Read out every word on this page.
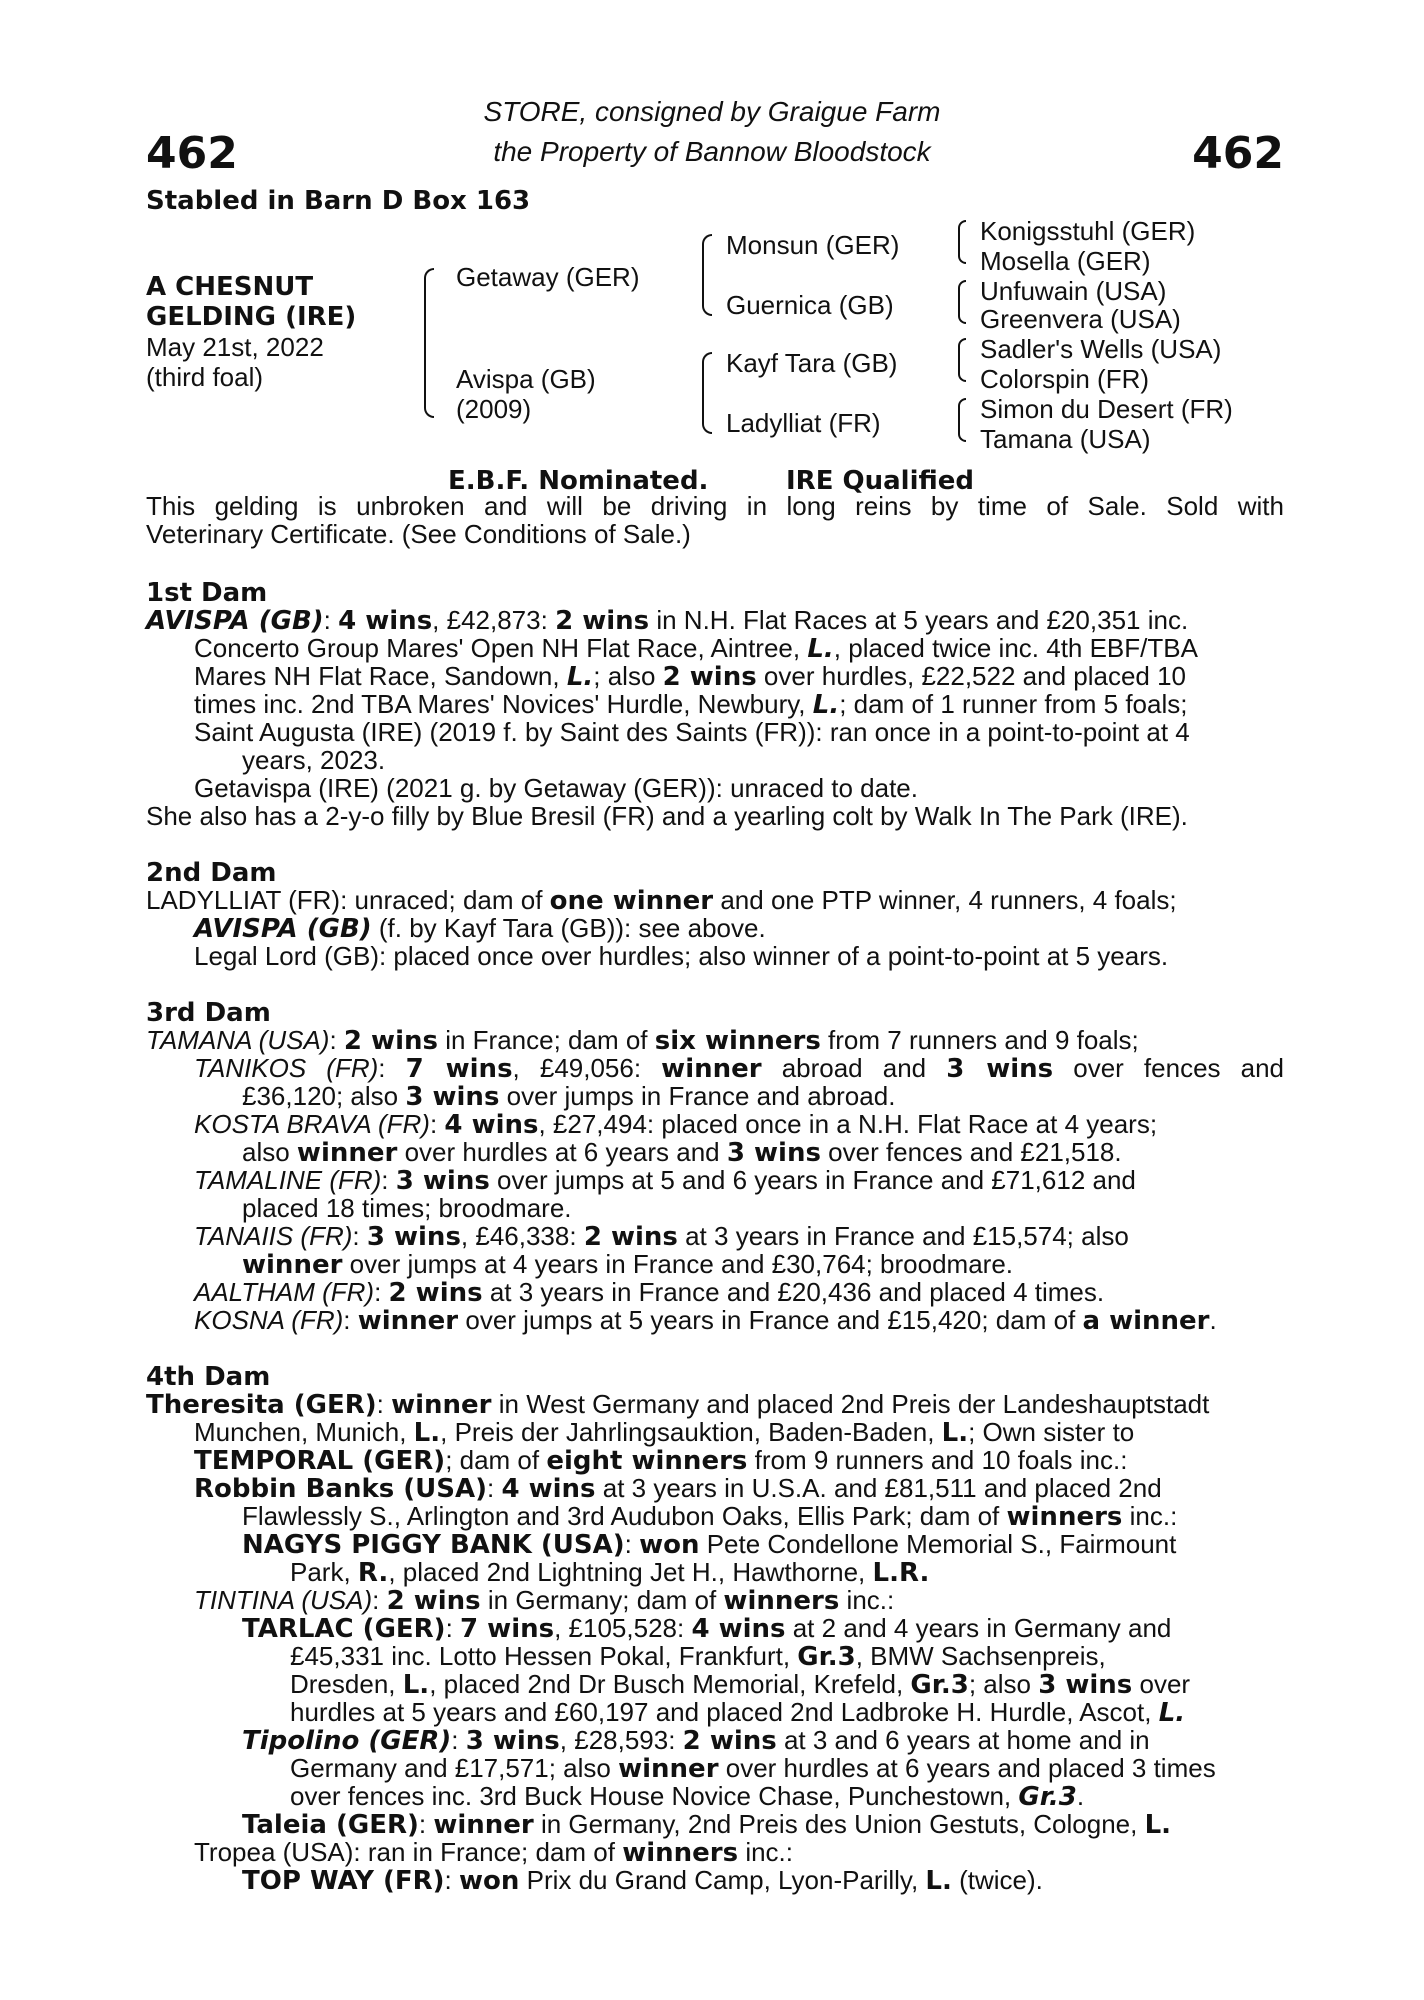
462	462
STORE, consigned by Graigue Farm
the Property of Bannow Bloodstock
Stabled in Barn D Box 163
A CHESNUT
GELDING (IRE)
May 21st, 2022
(third foal)
Getaway (GER)
Avispa (GB)
(2009)
Monsun (GER)
Guernica (GB)
Kayf Tara (GB)
Ladylliat (FR)
Konigsstuhl (GER)
Mosella (GER)
Unfuwain (USA)
Greenvera (USA)
Sadler's Wells (USA)
Colorspin (FR)
Simon du Desert (FR)
Tamana (USA)
E.B.F. Nominated.	IRE Qualified
This gelding is unbroken and will be driving in long reins by time of Sale. Sold with
Veterinary Certificate. (See Conditions of Sale.)
1st Dam
AVISPA (GB): 4 wins, £42,873: 2 wins in N.H. Flat Races at 5 years and £20,351 inc.
Concerto Group Mares' Open NH Flat Race, Aintree, L., placed twice inc. 4th EBF/TBA
Mares NH Flat Race, Sandown, L.; also 2 wins over hurdles, £22,522 and placed 10
times inc. 2nd TBA Mares' Novices' Hurdle, Newbury, L.; dam of 1 runner from 5 foals;
Saint Augusta (IRE) (2019 f. by Saint des Saints (FR)): ran once in a point-to-point at 4
years, 2023.
Getavispa (IRE) (2021 g. by Getaway (GER)): unraced to date.
She also has a 2-y-o filly by Blue Bresil (FR) and a yearling colt by Walk In The Park (IRE).
2nd Dam
LADYLLIAT (FR): unraced; dam of one winner and one PTP winner, 4 runners, 4 foals;
AVISPA (GB) (f. by Kayf Tara (GB)): see above.
Legal Lord (GB): placed once over hurdles; also winner of a point-to-point at 5 years.
3rd Dam
TAMANA (USA): 2 wins in France; dam of six winners from 7 runners and 9 foals;
TANIKOS (FR): 7 wins, £49,056: winner abroad and 3 wins over fences and
£36,120; also 3 wins over jumps in France and abroad.
KOSTA BRAVA (FR): 4 wins, £27,494: placed once in a N.H. Flat Race at 4 years;
also winner over hurdles at 6 years and 3 wins over fences and £21,518.
TAMALINE (FR): 3 wins over jumps at 5 and 6 years in France and £71,612 and
placed 18 times; broodmare.
TANAIIS (FR): 3 wins, £46,338: 2 wins at 3 years in France and £15,574; also
winner over jumps at 4 years in France and £30,764; broodmare.
AALTHAM (FR): 2 wins at 3 years in France and £20,436 and placed 4 times.
KOSNA (FR): winner over jumps at 5 years in France and £15,420; dam of a winner.
4th Dam
Theresita (GER): winner in West Germany and placed 2nd Preis der Landeshauptstadt
Munchen, Munich, L., Preis der Jahrlingsauktion, Baden-Baden, L.; Own sister to
TEMPORAL (GER); dam of eight winners from 9 runners and 10 foals inc.:
Robbin Banks (USA): 4 wins at 3 years in U.S.A. and £81,511 and placed 2nd
Flawlessly S., Arlington and 3rd Audubon Oaks, Ellis Park; dam of winners inc.:
NAGYS PIGGY BANK (USA): won Pete Condellone Memorial S., Fairmount
Park, R., placed 2nd Lightning Jet H., Hawthorne, L.R.
TINTINA (USA): 2 wins in Germany; dam of winners inc.:
TARLAC (GER): 7 wins, £105,528: 4 wins at 2 and 4 years in Germany and
£45,331 inc. Lotto Hessen Pokal, Frankfurt, Gr.3, BMW Sachsenpreis,
Dresden, L., placed 2nd Dr Busch Memorial, Krefeld, Gr.3; also 3 wins over
hurdles at 5 years and £60,197 and placed 2nd Ladbroke H. Hurdle, Ascot, L.
Tipolino (GER): 3 wins, £28,593: 2 wins at 3 and 6 years at home and in
Germany and £17,571; also winner over hurdles at 6 years and placed 3 times
over fences inc. 3rd Buck House Novice Chase, Punchestown, Gr.3.
Taleia (GER): winner in Germany, 2nd Preis des Union Gestuts, Cologne, L.
Tropea (USA): ran in France; dam of winners inc.:
TOP WAY (FR): won Prix du Grand Camp, Lyon-Parilly, L. (twice).
